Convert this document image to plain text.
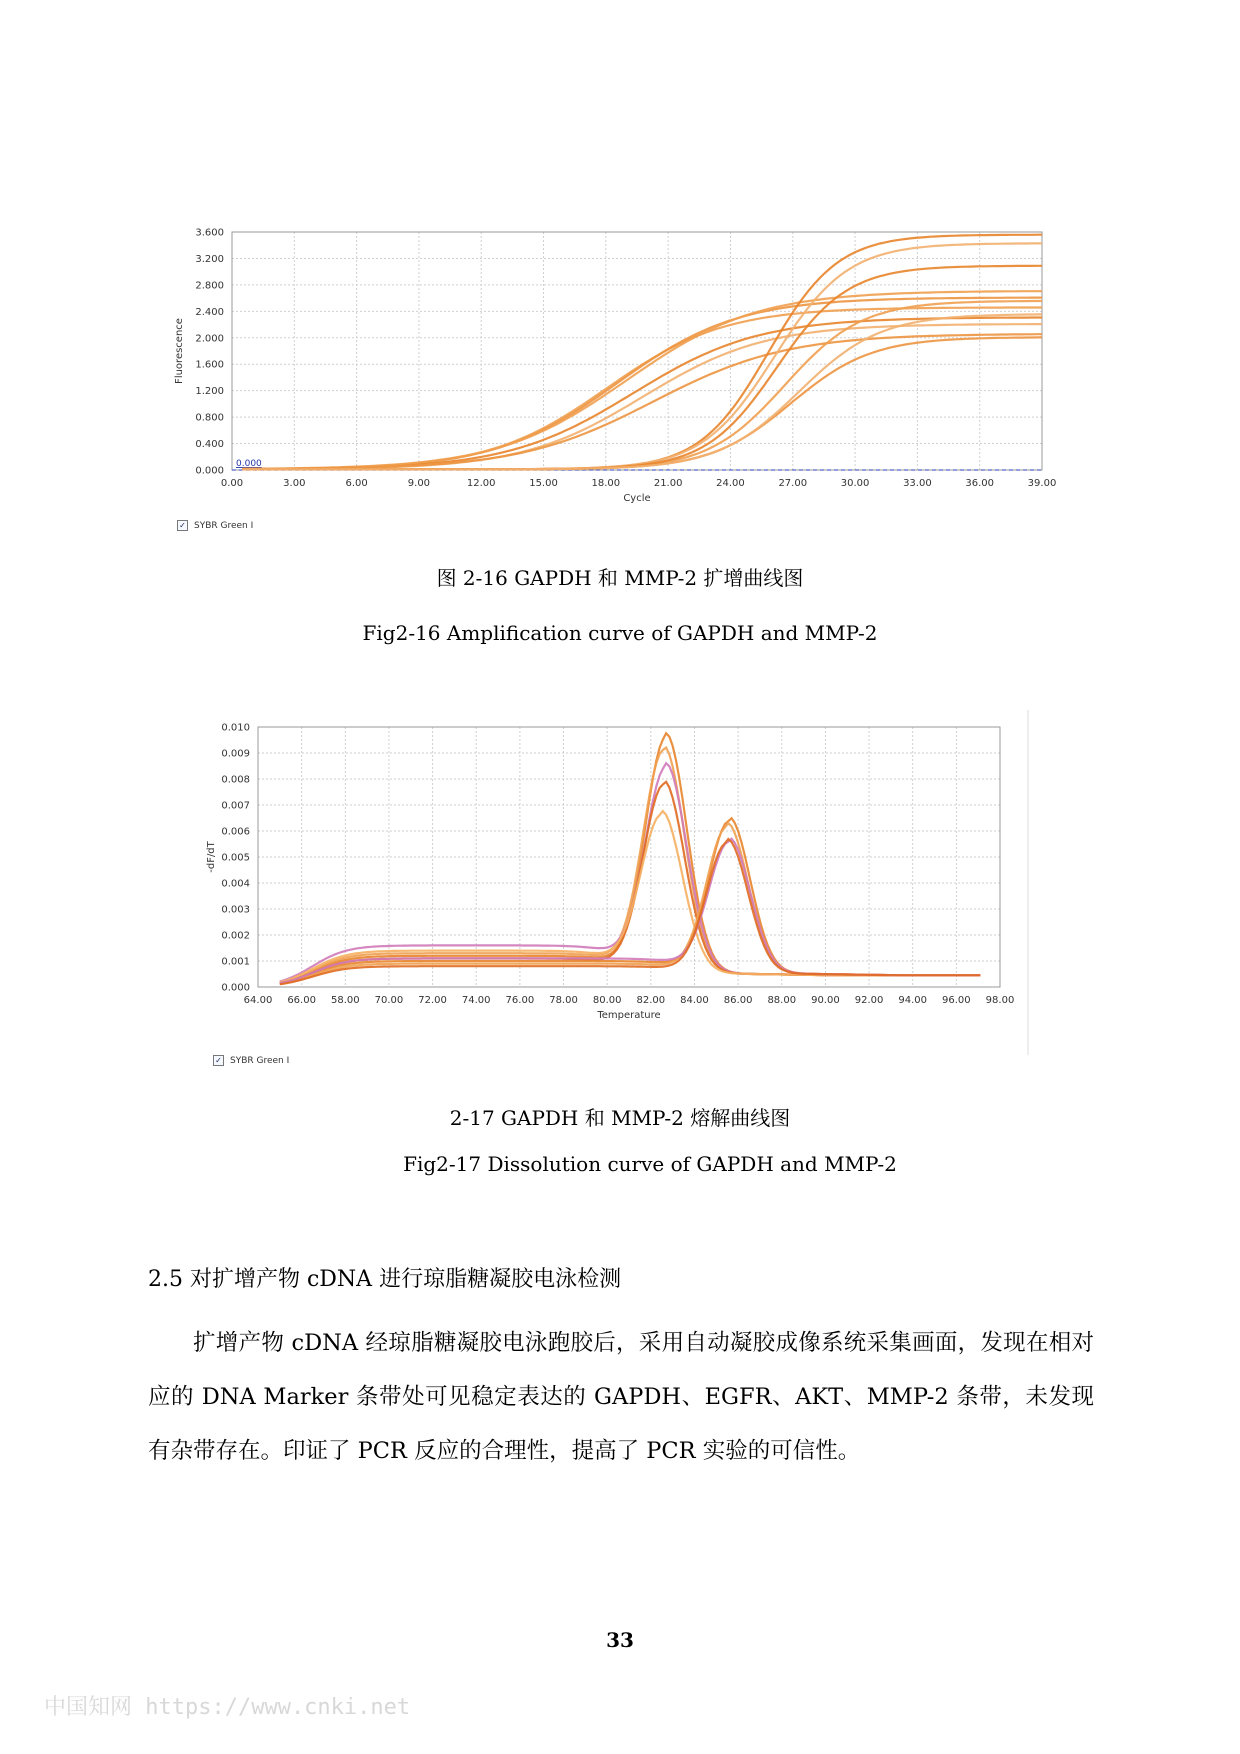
0.00	3.00	6.00	9.00	12.00	15.00	18.00	21.00	24.00	27.00	30.00	33.00	36.00	39.00
0.000
0.400
0.800
1.200
1.600
2.000
2.400
2.800
3.200
3.600
Cycle
Fluorescence
0.000
✓ SYBR Green I
图 2-16 GAPDH 和 MMP-2 扩增曲线图
Fig2-16 Amplification curve of GAPDH and MMP-2
64.00 66.00 58.00 70.00 72.00 74.00 76.00 78.00 80.00 82.00 84.00 86.00 88.00 90.00 92.00 94.00 96.00 98.00
0.000
0.001
0.002
0.003
0.004
0.005
0.006
0.007
0.008
0.009
0.010
Temperature
-dF/dT
✓ SYBR Green I
2-17 GAPDH 和 MMP-2 熔解曲线图
Fig2-17 Dissolution curve of GAPDH and MMP-2
2.5 对扩增产物 cDNA 进行琼脂糖凝胶电泳检测
扩增产物 cDNA 经琼脂糖凝胶电泳跑胶后，采用自动凝胶成像系统采集画面，发现在相对应的 DNA Marker 条带处可见稳定表达的 GAPDH、EGFR、AKT、MMP-2 条带，未发现有杂带存在。印证了 PCR 反应的合理性，提高了 PCR 实验的可信性。
33
中国知网 https://www.cnki.net
